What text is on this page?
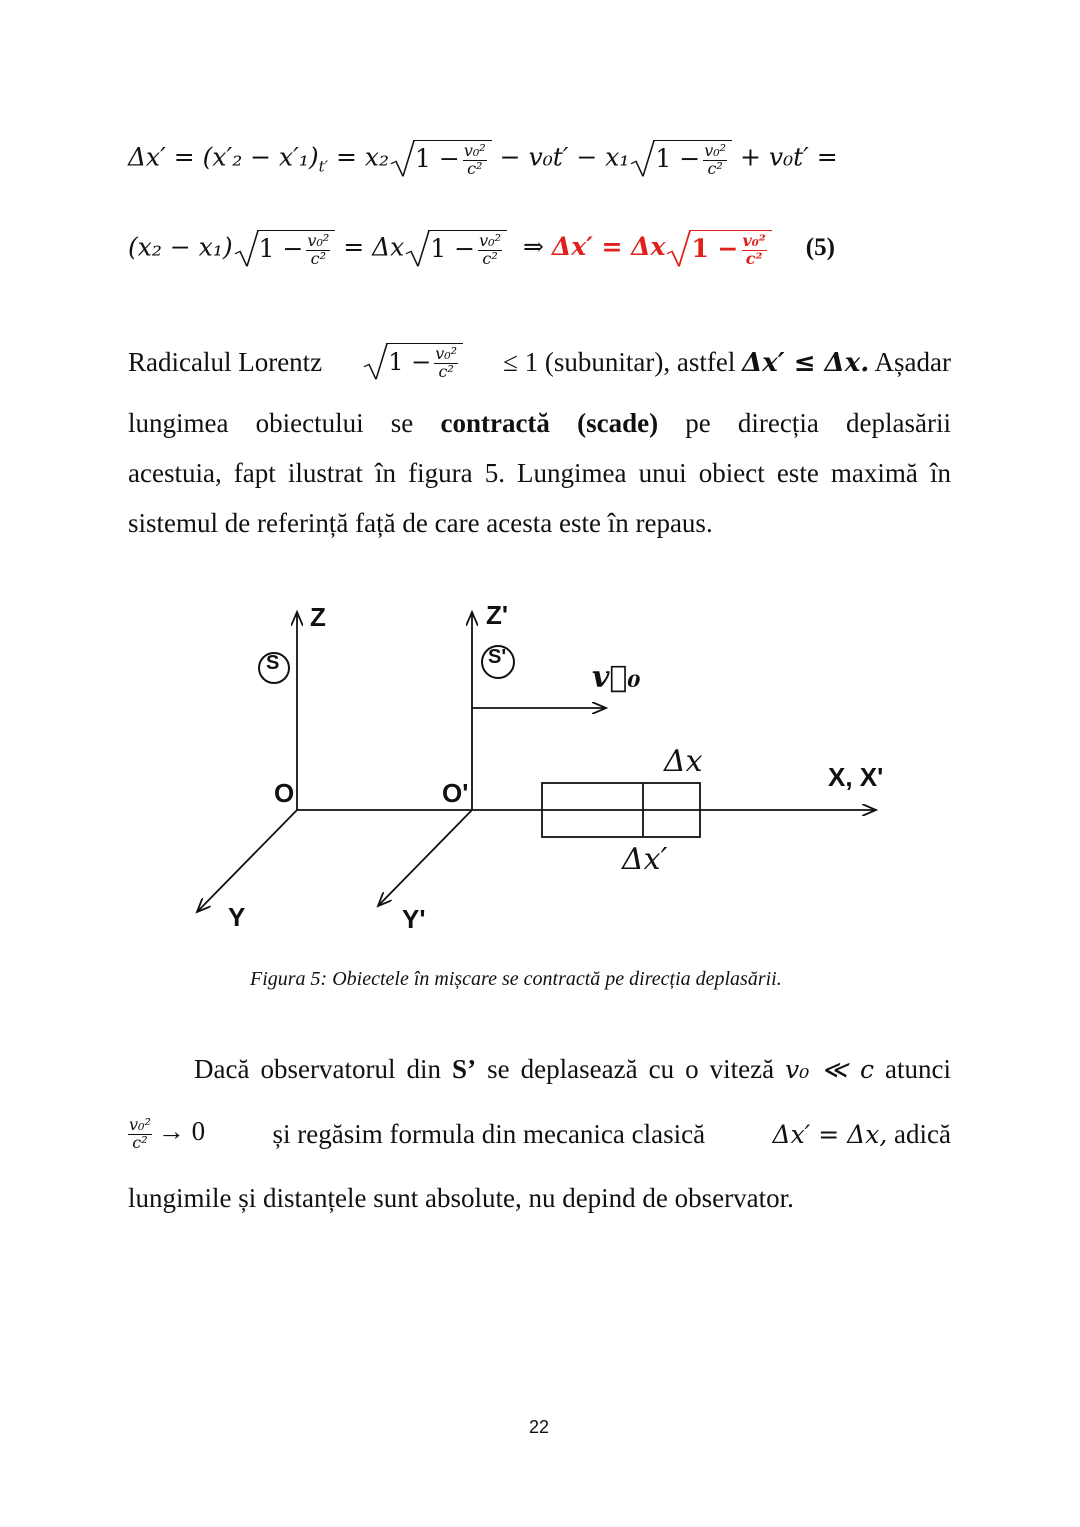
$\Delta x' = (x'_2 - x'_1)_{t'} = x_2$ $1 - \frac{\text{v₀²}}{\text{c²}} - v_0t' - x_1$ $1 - \frac{\text{v₀²}}{\text{c²}} + v_0t'$ =
(x₂ − x₁) $1 - \frac{\text{v₀²}}{\text{c²}} = \Delta x$ $1 - \frac{\text{v₀²}}{\text{c²}}$ ⇒ Δx′ = Δx $1 - \frac{\text{v₀²}}{\text{c²}} (5)$
Radicalul Lorentz	$1 - \frac{\text{v₀²}}{\text{c²}} \le 1$ (subunitar), astfel Δx′ ≤ Δx. Așadar
lungimea obiectului se contractă (scade) pe direcția deplasării
acestuia, fapt ilustrat în figura 5. Lungimea unui obiect este maximă în
sistemul de referință față de care acesta este în repaus.
Z	Z'
S	S'
v⃗₀
O	O'
Δx	X, X'
Δx′
Y	Y'
Figura 5: Obiectele în mișcare se contractă pe direcția deplasării.
Dacă observatorul din S’ se deplasează cu o viteză v₀ ≪ c atunci
$\frac{\text{v₀²}}{\text{c²}} \to 0$ și regăsim formula din mecanica clasică	Δx′ = Δx, adică
lungimile și distanțele sunt absolute, nu depind de observator.
22
